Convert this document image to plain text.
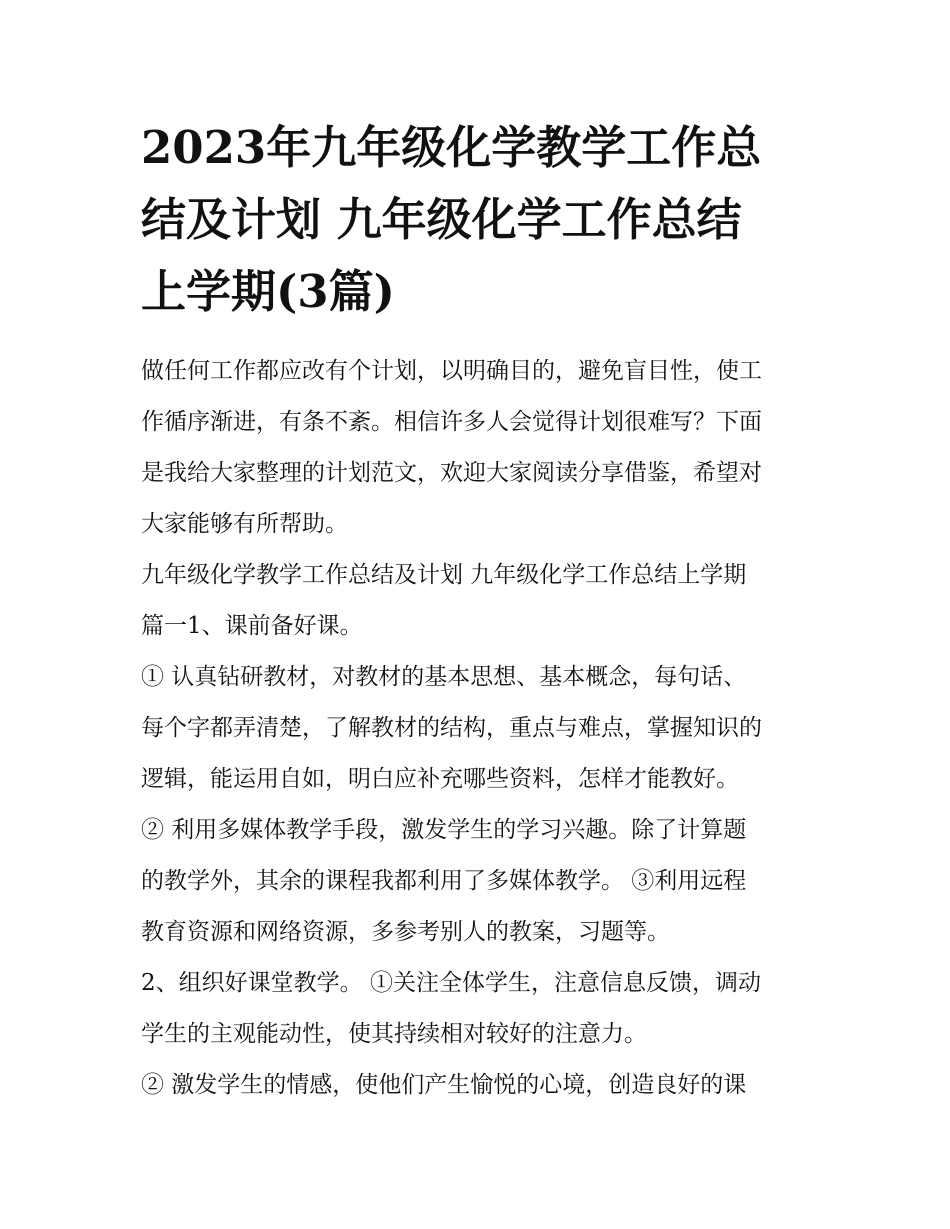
2023年九年级化学教学工作总
结及计划 九年级化学工作总结
上学期(3篇)

做任何工作都应改有个计划，以明确目的，避免盲目性，使工
作循序渐进，有条不紊。相信许多人会觉得计划很难写？下面
是我给大家整理的计划范文，欢迎大家阅读分享借鉴，希望对
大家能够有所帮助。

九年级化学教学工作总结及计划 九年级化学工作总结上学期
篇一1、课前备好课。

① 认真钻研教材，对教材的基本思想、基本概念，每句话、
每个字都弄清楚，了解教材的结构，重点与难点，掌握知识的
逻辑，能运用自如，明白应补充哪些资料，怎样才能教好。

② 利用多媒体教学手段，激发学生的学习兴趣。除了计算题
的教学外，其余的课程我都利用了多媒体教学。 ③利用远程
教育资源和网络资源，多参考别人的教案，习题等。

2、组织好课堂教学。 ①关注全体学生，注意信息反馈，调动
学生的主观能动性，使其持续相对较好的注意力。

② 激发学生的情感，使他们产生愉悦的心境，创造良好的课
